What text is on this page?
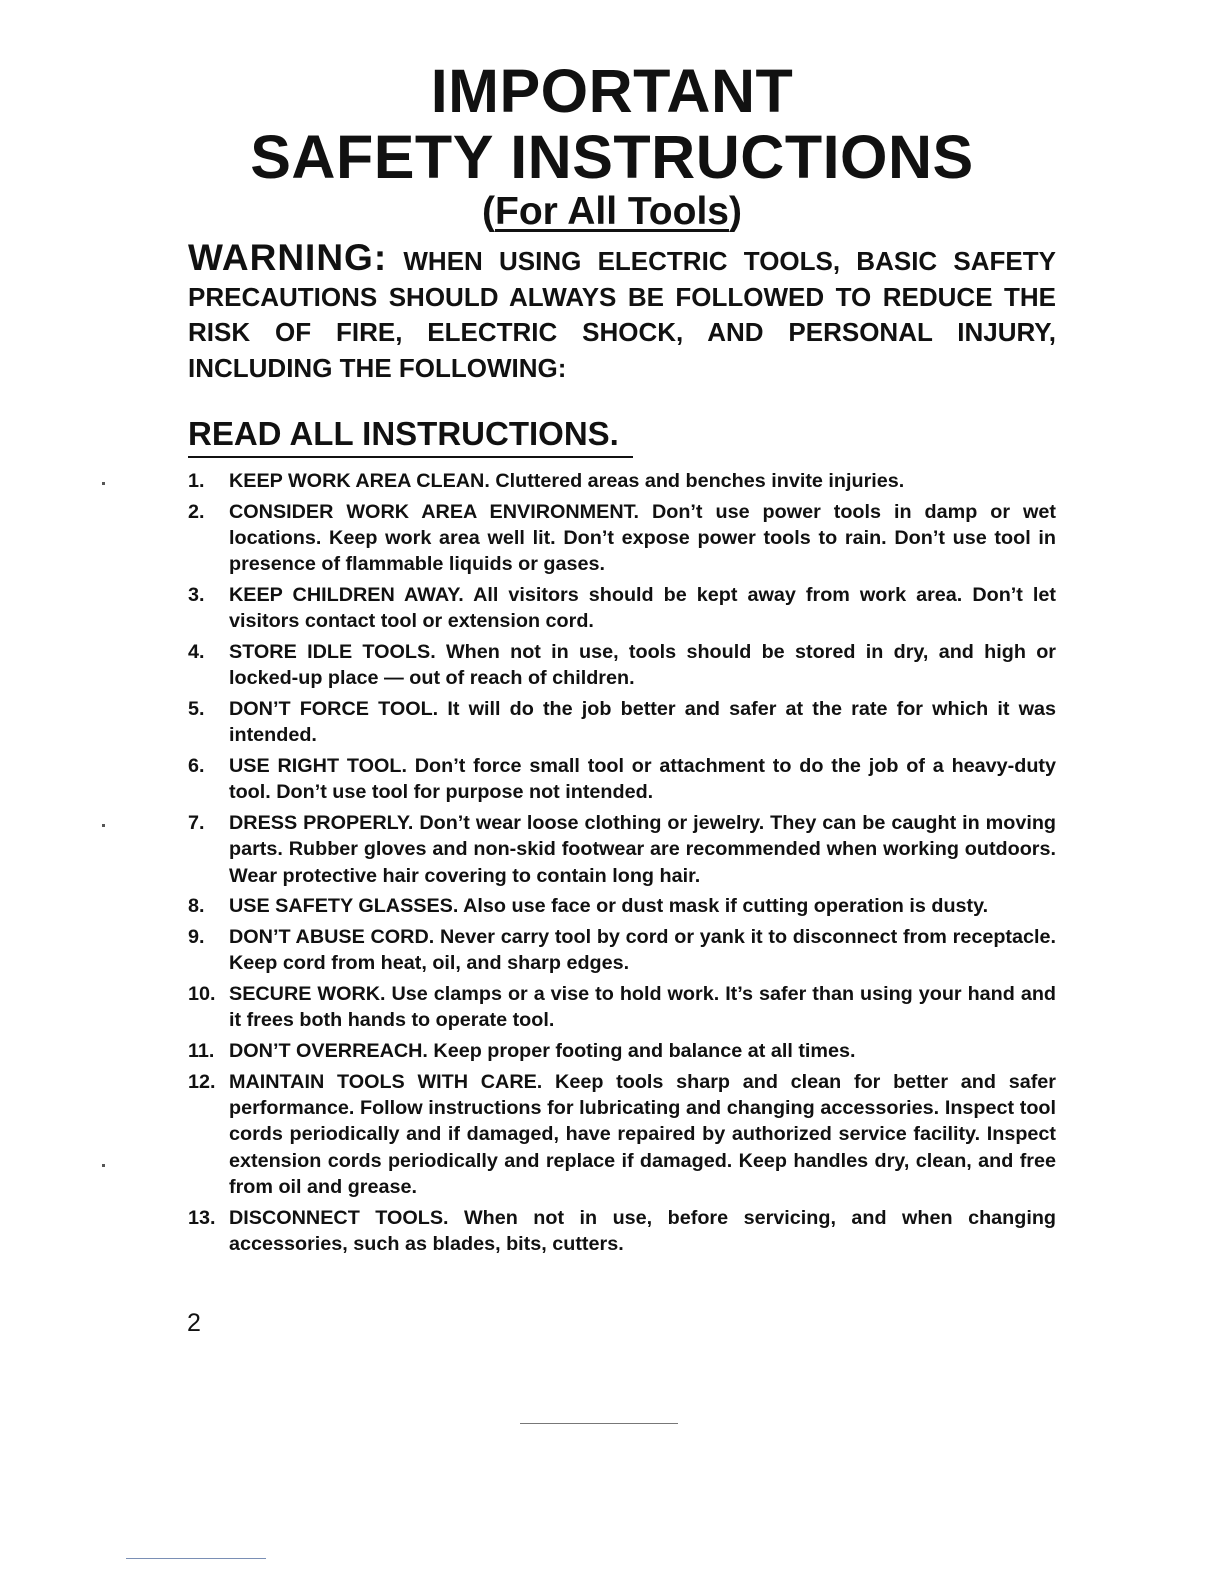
IMPORTANT
SAFETY INSTRUCTIONS
(For All Tools)
WARNING: WHEN USING ELECTRIC TOOLS, BASIC SAFETY PRECAUTIONS SHOULD ALWAYS BE FOLLOWED TO REDUCE THE RISK OF FIRE, ELECTRIC SHOCK, AND PERSONAL INJURY, INCLUDING THE FOLLOWING:
READ ALL INSTRUCTIONS.
1.	KEEP WORK AREA CLEAN. Cluttered areas and benches invite injuries.
2.	CONSIDER WORK AREA ENVIRONMENT. Don’t use power tools in damp or wet locations. Keep work area well lit. Don’t expose power tools to rain. Don’t use tool in presence of flammable liquids or gases.
3.	KEEP CHILDREN AWAY. All visitors should be kept away from work area. Don’t let visitors contact tool or extension cord.
4.	STORE IDLE TOOLS. When not in use, tools should be stored in dry, and high or locked-up place — out of reach of children.
5.	DON’T FORCE TOOL. It will do the job better and safer at the rate for which it was intended.
6.	USE RIGHT TOOL. Don’t force small tool or attachment to do the job of a heavy-duty tool. Don’t use tool for purpose not intended.
7.	DRESS PROPERLY. Don’t wear loose clothing or jewelry. They can be caught in moving parts. Rubber gloves and non-skid footwear are recommended when working outdoors. Wear protective hair covering to contain long hair.
8.	USE SAFETY GLASSES. Also use face or dust mask if cutting operation is dusty.
9.	DON’T ABUSE CORD. Never carry tool by cord or yank it to disconnect from receptacle. Keep cord from heat, oil, and sharp edges.
10. SECURE WORK. Use clamps or a vise to hold work. It’s safer than using your hand and it frees both hands to operate tool.
11. DON’T OVERREACH. Keep proper footing and balance at all times.
12. MAINTAIN TOOLS WITH CARE. Keep tools sharp and clean for better and safer performance. Follow instructions for lubricating and changing accessories. Inspect tool cords periodically and if damaged, have repaired by authorized service facility. Inspect extension cords periodically and replace if damaged. Keep handles dry, clean, and free from oil and grease.
13. DISCONNECT TOOLS. When not in use, before servicing, and when changing accessories, such as blades, bits, cutters.
2
